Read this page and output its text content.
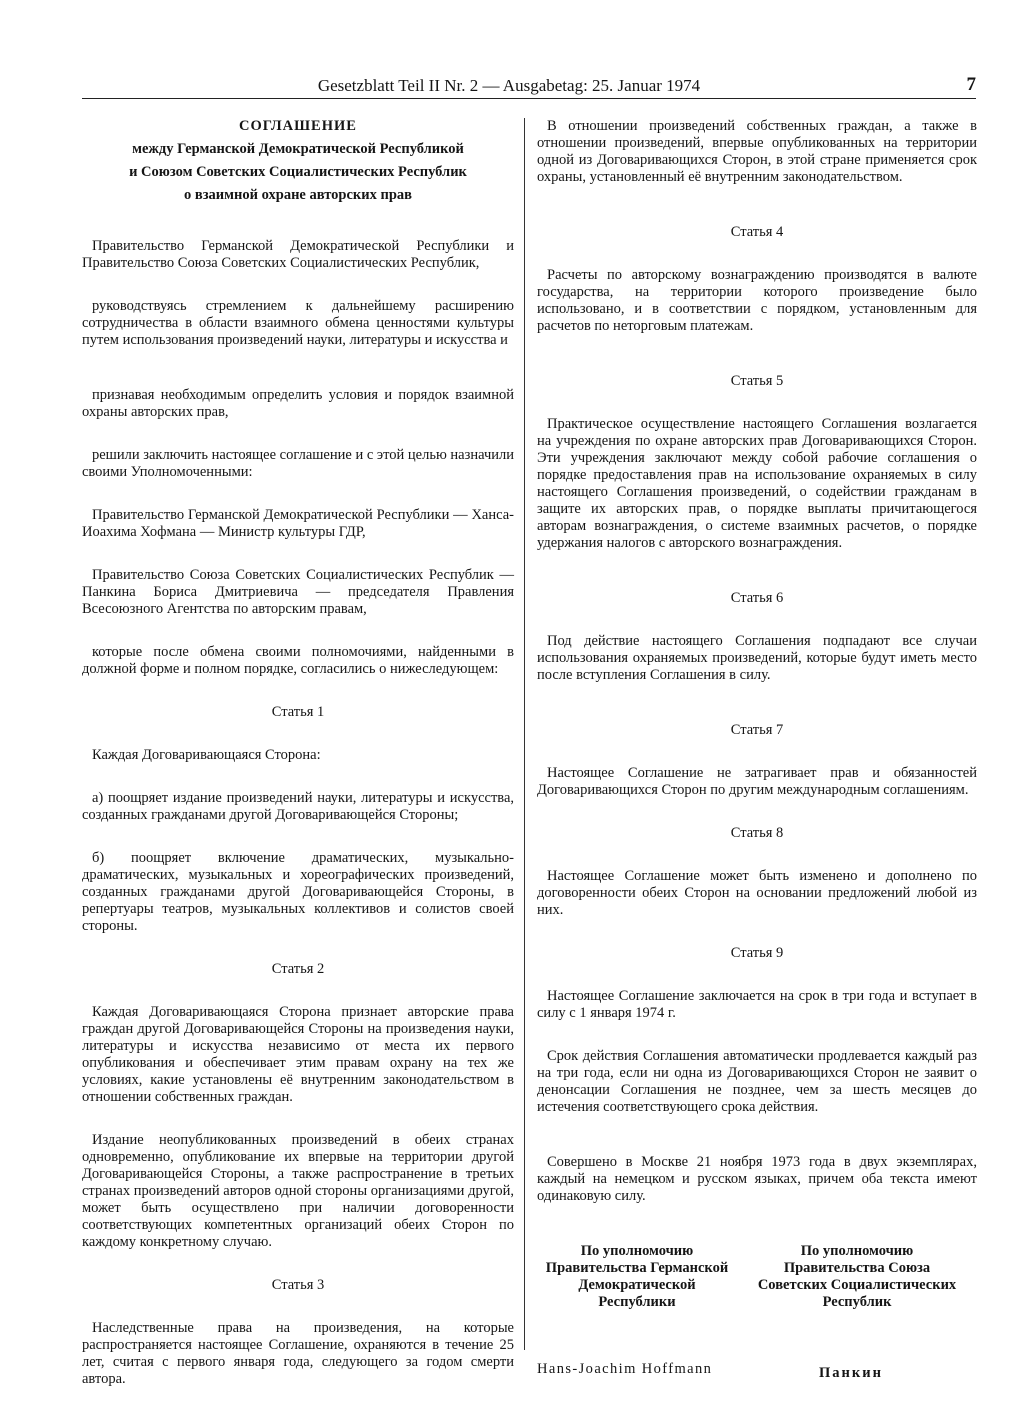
Gesetzblatt Teil II Nr. 2 — Ausgabetag: 25. Januar 1974	7
СОГЛАШЕНИЕ
между Германской Демократической Республикой
и Союзом Советских Социалистических Республик
о взаимной охране авторских прав

Правительство Германской Демократической Республики и Правительство Союза Советских Социалистических Республик,

руководствуясь стремлением к дальнейшему расширению сотрудничества в области взаимного обмена ценностями культуры путем использования произведений науки, литературы и искусства и

признавая необходимым определить условия и порядок взаимной охраны авторских прав,

решили заключить настоящее соглашение и с этой целью назначили своими Уполномоченными:

Правительство Германской Демократической Республики — Ханса-Иоахима Хофмана — Министр культуры ГДР,

Правительство Союза Советских Социалистических Республик — Панкина Бориса Дмитриевича — председателя Правления Всесоюзного Агентства по авторским правам,

которые после обмена своими полномочиями, найденными в должной форме и полном порядке, согласились о нижеследующем:

Статья 1

Каждая Договаривающаяся Сторона:

а) поощряет издание произведений науки, литературы и искусства, созданных гражданами другой Договаривающейся Стороны;

б) поощряет включение драматических, музыкально-драматических, музыкальных и хореографических произведений, созданных гражданами другой Договаривающейся Стороны, в репертуары театров, музыкальных коллективов и солистов своей стороны.

Статья 2

Каждая Договаривающаяся Сторона признает авторские права граждан другой Договаривающейся Стороны на произведения науки, литературы и искусства независимо от места их первого опубликования и обеспечивает этим правам охрану на тех же условиях, какие установлены её внутренним законодательством в отношении собственных граждан.

Издание неопубликованных произведений в обеих странах одновременно, опубликование их впервые на территории другой Договаривающейся Стороны, а также распространение в третьих странах произведений авторов одной стороны организациями другой, может быть осуществлено при наличии договоренности соответствующих компетентных организаций обеих Сторон по каждому конкретному случаю.

Статья 3

Наследственные права на произведения, на которые распространяется настоящее Соглашение, охраняются в течение 25 лет, считая с первого января года, следующего за годом смерти автора.

В отношении произведений собственных граждан, а также в отношении произведений, впервые опубликованных на территории одной из Договаривающихся Сторон, в этой стране применяется срок охраны, установленный её внутренним законодательством.

Статья 4

Расчеты по авторскому вознаграждению производятся в валюте государства, на территории которого произведение было использовано, и в соответствии с порядком, установленным для расчетов по неторговым платежам.

Статья 5

Практическое осуществление настоящего Соглашения возлагается на учреждения по охране авторских прав Договаривающихся Сторон. Эти учреждения заключают между собой рабочие соглашения о порядке предоставления прав на использование охраняемых в силу настоящего Соглашения произведений, о содействии гражданам в защите их авторских прав, о порядке выплаты причитающегося авторам вознаграждения, о системе взаимных расчетов, о порядке удержания налогов с авторского вознаграждения.

Статья 6

Под действие настоящего Соглашения подпадают все случаи использования охраняемых произведений, которые будут иметь место после вступления Соглашения в силу.

Статья 7

Настоящее Соглашение не затрагивает прав и обязанностей Договаривающихся Сторон по другим международным соглашениям.

Статья 8

Настоящее Соглашение может быть изменено и дополнено по договоренности обеих Сторон на основании предложений любой из них.

Статья 9

Настоящее Соглашение заключается на срок в три года и вступает в силу с 1 января 1974 г.

Срок действия Соглашения автоматически продлевается каждый раз на три года, если ни одна из Договаривающихся Сторон не заявит о денонсации Соглашения не позднее, чем за шесть месяцев до истечения соответствующего срока действия.

Совершено в Москве 21 ноября 1973 года в двух экземплярах, каждый на немецком и русском языках, причем оба текста имеют одинаковую силу.

По уполномочию
Правительства Германской
Демократической
Республики
По уполномочию
Правительства Союза
Советских Социалистических
Республик
Hans-Joachim Hoffmann	Панкин
